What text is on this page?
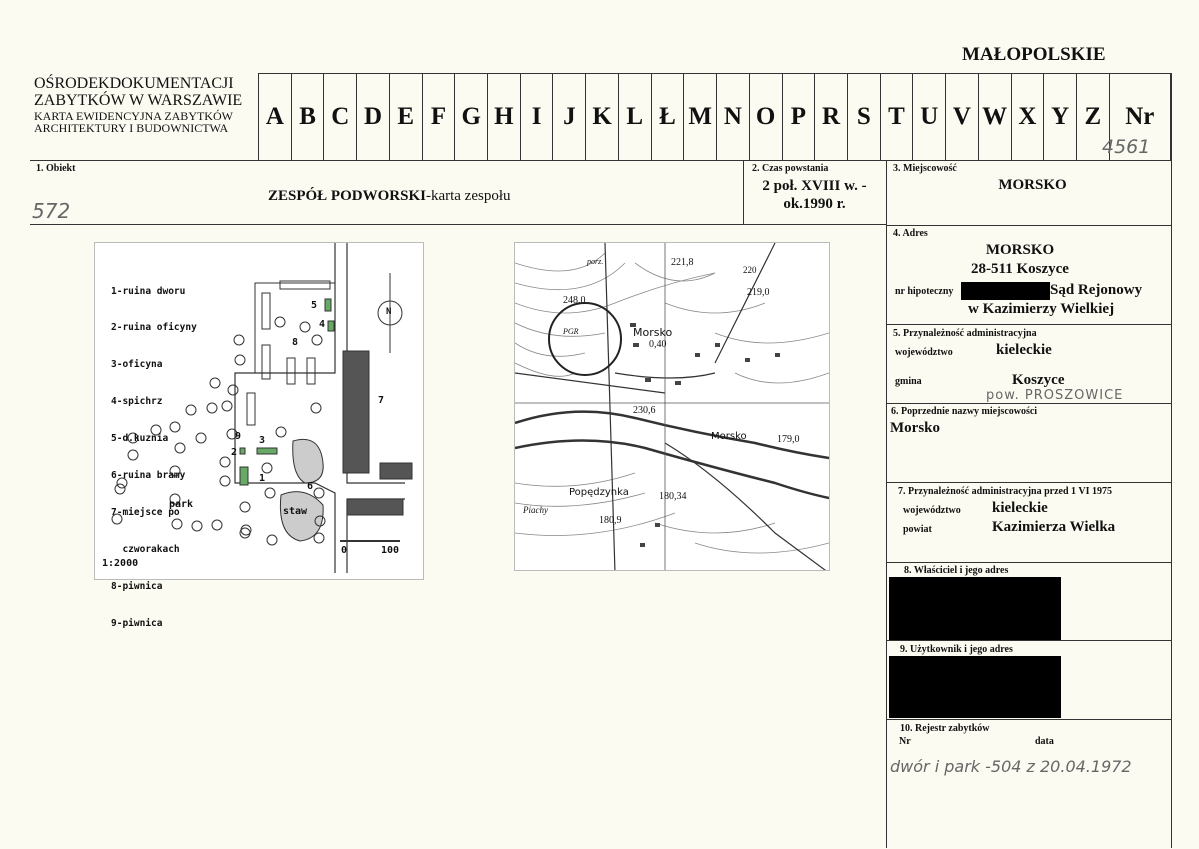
OŚRODEKDOKUMENTACJI
ZABYTKÓW W WARSZAWIE
KARTA EWIDENCYJNA ZABYTKÓW
ARCHITEKTURY I BUDOWNICTWA
MAŁOPOLSKIE
A B C D E F G H I J K L Ł M N O P R S T U V W X Y Z Nr
4561
1. Obiekt
ZESPÓŁ PODWORSKI-karta zespołu
572
2. Czas powstania
2 poł. XVIII w. -
ok.1990 r.
3. Miejscowość
MORSKO
4. Adres
MORSKO
28-511 Koszyce
nr hipoteczny	Sąd Rejonowy
w Kazimierzy Wielkiej
5. Przynależność administracyjna
województwo	kieleckie
gmina	Koszyce
pow. PROSZOWICE
6. Poprzednie nazwy miejscowości
Morsko
7. Przynależność administracyjna przed 1 VI 1975
województwo kieleckie
powiat	Kazimierza Wielka
8. Właściciel i jego adres
9. Użytkownik i jego adres
10. Rejestr zabytków
Nr	data
dwór i park -504 z 20.04.1972

1-ruina dworu

2-ruina oficyny

3-oficyna

4-spichrz

5-d.kuznia

6-ruina bramy

7-miejsce po

czworakach

8-piwnica

9-piwnica

1:2000
park
staw
N
0	100
1
2
3
4
5
6
7
8
9
Morsko
Morsko
Popędzynka
Piachy
PGR
porz.	221,8
248,0
219,0
0,40
230,6
179,0
180,34
180,9
220
